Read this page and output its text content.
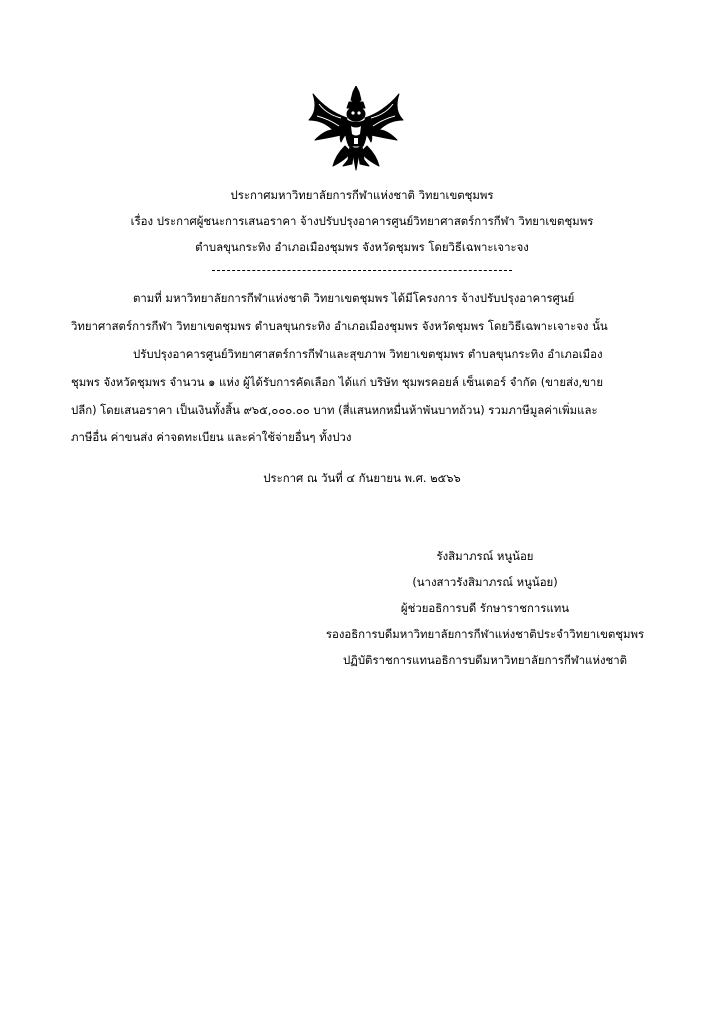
ประกาศมหาวิทยาลัยการกีฬาแห่งชาติ วิทยาเขตชุมพร
เรื่อง ประกาศผู้ชนะการเสนอราคา จ้างปรับปรุงอาคารศูนย์วิทยาศาสตร์การกีฬา วิทยาเขตชุมพร
ตำบลขุนกระทิง อำเภอเมืองชุมพร จังหวัดชุมพร โดยวิธีเฉพาะเจาะจง
ตามที่ มหาวิทยาลัยการกีฬาแห่งชาติ วิทยาเขตชุมพร ได้มีโครงการ จ้างปรับปรุงอาคารศูนย์
วิทยาศาสตร์การกีฬา วิทยาเขตชุมพร ตำบลขุนกระทิง อำเภอเมืองชุมพร จังหวัดชุมพร โดยวิธีเฉพาะเจาะจง นั้น
ปรับปรุงอาคารศูนย์วิทยาศาสตร์การกีฬาและสุขภาพ วิทยาเขตชุมพร ตำบลขุนกระทิง อำเภอเมือง
ชุมพร จังหวัดชุมพร จำนวน ๑ แห่ง ผู้ได้รับการคัดเลือก ได้แก่ บริษัท ชุมพรคอยล์ เซ็นเตอร์ จำกัด (ขายส่ง,ขาย
ปลีก) โดยเสนอราคา เป็นเงินทั้งสิ้น ๙๖๕,๐๐๐.๐๐ บาท (สี่แสนหกหมื่นห้าพันบาทถ้วน) รวมภาษีมูลค่าเพิ่มและ
ภาษีอื่น ค่าขนส่ง ค่าจดทะเบียน และค่าใช้จ่ายอื่นๆ ทั้งปวง
ประกาศ ณ วันที่ ๔ กันยายน พ.ศ. ๒๕๖๖
รังสิมาภรณ์ หนูน้อย
(นางสาวรังสิมาภรณ์ หนูน้อย)
ผู้ช่วยอธิการบดี รักษาราชการแทน
รองอธิการบดีมหาวิทยาลัยการกีฬาแห่งชาติประจำวิทยาเขตชุมพร
ปฏิบัติราชการแทนอธิการบดีมหาวิทยาลัยการกีฬาแห่งชาติ
